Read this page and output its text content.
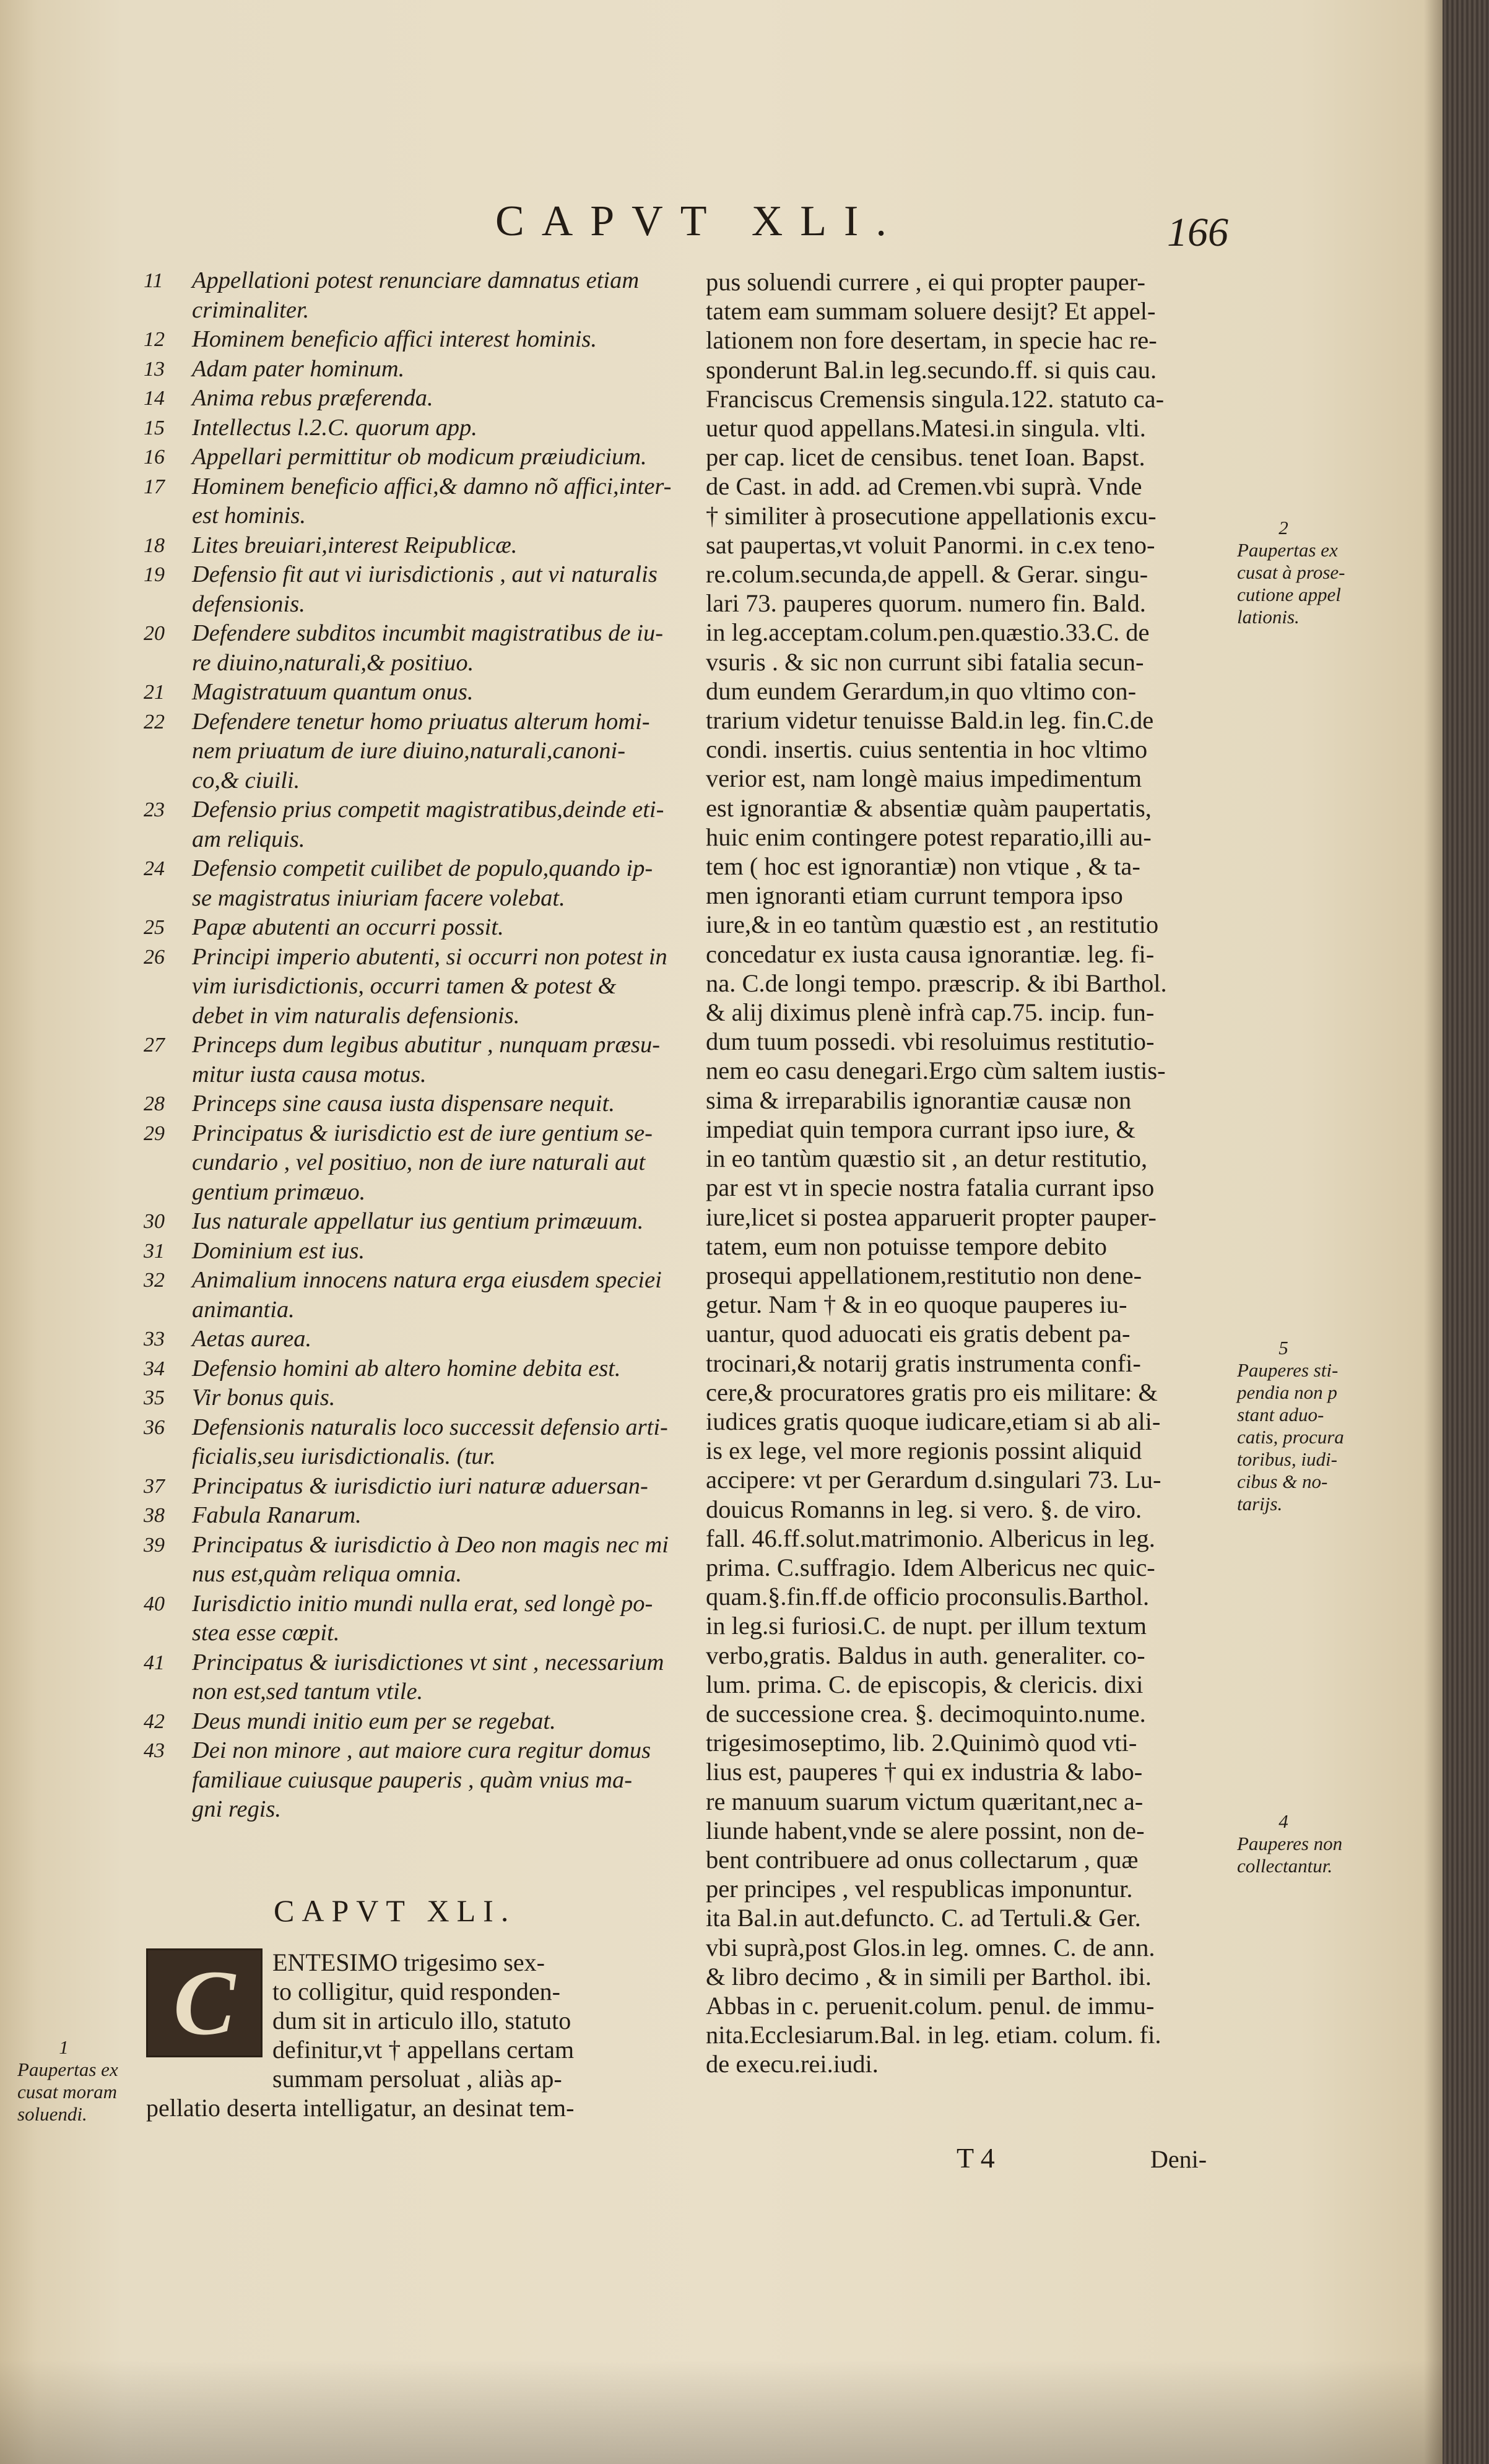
CAPVT XLI.	166
11 Appellationi potest renunciare damnatus etiam
criminaliter.
12 Hominem beneficio affici interest hominis.
13 Adam pater hominum.
14 Anima rebus præferenda.
15 Intellectus l.2.C. quorum app.
16 Appellari permittitur ob modicum præiudicium.
17 Hominem beneficio affici,& damno nõ affici,inter-
est hominis.
18 Lites breuiari,interest Reipublicæ.
19 Defensio fit aut vi iurisdictionis , aut vi naturalis
defensionis.
20 Defendere subditos incumbit magistratibus de iu-
re diuino,naturali,& positiuo.
21 Magistratuum quantum onus.
22 Defendere tenetur homo priuatus alterum homi-
nem priuatum de iure diuino,naturali,canoni-
co,& ciuili.
23 Defensio prius competit magistratibus,deinde eti-
am reliquis.
24 Defensio competit cuilibet de populo,quando ip-
se magistratus iniuriam facere volebat.
25 Papæ abutenti an occurri possit.
26 Principi imperio abutenti, si occurri non potest in
vim iurisdictionis, occurri tamen & potest &
debet in vim naturalis defensionis.
27 Princeps dum legibus abutitur , nunquam præsu-
mitur iusta causa motus.
28 Princeps sine causa iusta dispensare nequit.
29 Principatus & iurisdictio est de iure gentium se-
cundario , vel positiuo, non de iure naturali aut
gentium primæuo.
30 Ius naturale appellatur ius gentium primæuum.
31 Dominium est ius.
32 Animalium innocens natura erga eiusdem speciei
animantia.
33 Aetas aurea.
34 Defensio homini ab altero homine debita est.
35 Vir bonus quis.
36 Defensionis naturalis loco successit defensio arti-
ficialis,seu iurisdictionalis. (tur.
37 Principatus & iurisdictio iuri naturæ aduersan-
38 Fabula Ranarum.
39 Principatus & iurisdictio à Deo non magis nec mi
nus est,quàm reliqua omnia.
40 Iurisdictio initio mundi nulla erat, sed longè po-
stea esse cœpit.
41 Principatus & iurisdictiones vt sint , necessarium
non est,sed tantum vtile.
42 Deus mundi initio eum per se regebat.
43 Dei non minore , aut maiore cura regitur domus
familiaue cuiusque pauperis , quàm vnius ma-
gni regis.
CAPVT XLI.
C	ENTESIMO trigesimo sex-
to colligitur, quid responden-
dum sit in articulo illo, statuto
definitur,vt † appellans certam
summam persoluat , aliàs ap-
pellatio deserta intelligatur, an desinat tem-
1
Paupertas ex
cusat moram
soluendi.
2
Paupertas ex
cusat à prose-
cutione appel
lationis.
5
Pauperes sti-
pendia non p
stant aduo-
catis, procura
toribus, iudi-
cibus & no-
tarijs.
4
Pauperes non
collectantur.
pus soluendi currere , ei qui propter pauper-
tatem eam summam soluere desijt? Et appel-
lationem non fore desertam, in specie hac re-
sponderunt Bal.in leg.secundo.ff. si quis cau.
Franciscus Cremensis singula.122. statuto ca-
uetur quod appellans.Matesi.in singula. vlti.
per cap. licet de censibus. tenet Ioan. Bapst.
de Cast. in add. ad Cremen.vbi suprà. Vnde
† similiter à prosecutione appellationis excu-
sat paupertas,vt voluit Panormi. in c.ex teno-
re.colum.secunda,de appell. & Gerar. singu-
lari 73. pauperes quorum. numero fin. Bald.
in leg.acceptam.colum.pen.quæstio.33.C. de
vsuris . & sic non currunt sibi fatalia secun-
dum eundem Gerardum,in quo vltimo con-
trarium videtur tenuisse Bald.in leg. fin.C.de
condi. insertis. cuius sententia in hoc vltimo
verior est, nam longè maius impedimentum
est ignorantiæ & absentiæ quàm paupertatis,
huic enim contingere potest reparatio,illi au-
tem ( hoc est ignorantiæ) non vtique , & ta-
men ignoranti etiam currunt tempora ipso
iure,& in eo tantùm quæstio est , an restitutio
concedatur ex iusta causa ignorantiæ. leg. fi-
na. C.de longi tempo. præscrip. & ibi Barthol.
& alij diximus plenè infrà cap.75. incip. fun-
dum tuum possedi. vbi resoluimus restitutio-
nem eo casu denegari.Ergo cùm saltem iustis-
sima & irreparabilis ignorantiæ causæ non
impediat quin tempora currant ipso iure, &
in eo tantùm quæstio sit , an detur restitutio,
par est vt in specie nostra fatalia currant ipso
iure,licet si postea apparuerit propter pauper-
tatem, eum non potuisse tempore debito
prosequi appellationem,restitutio non dene-
getur. Nam † & in eo quoque pauperes iu-
uantur, quod aduocati eis gratis debent pa-
trocinari,& notarij gratis instrumenta confi-
cere,& procuratores gratis pro eis militare: &
iudices gratis quoque iudicare,etiam si ab ali-
is ex lege, vel more regionis possint aliquid
accipere: vt per Gerardum d.singulari 73. Lu-
douicus Romanns in leg. si vero. §. de viro.
fall. 46.ff.solut.matrimonio. Albericus in leg.
prima. C.suffragio. Idem Albericus nec quic-
quam.§.fin.ff.de officio proconsulis.Barthol.
in leg.si furiosi.C. de nupt. per illum textum
verbo,gratis. Baldus in auth. generaliter. co-
lum. prima. C. de episcopis, & clericis. dixi
de successione crea. §. decimoquinto.nume.
trigesimoseptimo, lib. 2.Quinimò quod vti-
lius est, pauperes † qui ex industria & labo-
re manuum suarum victum quæritant,nec a-
liunde habent,vnde se alere possint, non de-
bent contribuere ad onus collectarum , quæ
per principes , vel respublicas imponuntur.
ita Bal.in aut.defuncto. C. ad Tertuli.& Ger.
vbi suprà,post Glos.in leg. omnes. C. de ann.
& libro decimo , & in simili per Barthol. ibi.
Abbas in c. peruenit.colum. penul. de immu-
nita.Ecclesiarum.Bal. in leg. etiam. colum. fi.
de execu.rei.iudi.
T 4	Deni-
